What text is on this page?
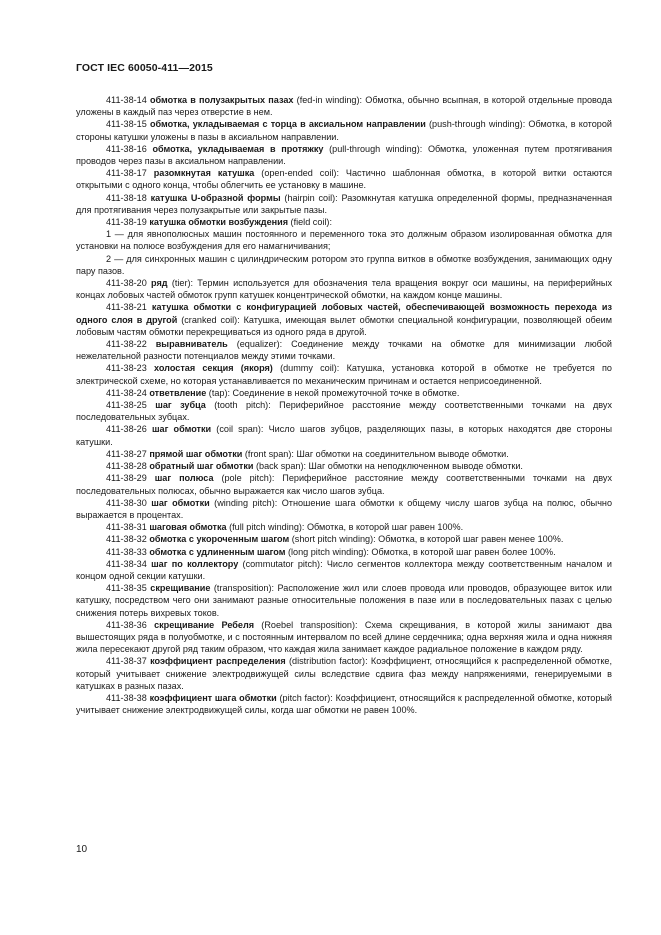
ГОСТ IEC 60050-411—2015

411-38-14 обмотка в полузакрытых пазах (fed-in winding): Обмотка, обычно всыпная, в которой отдельные провода уложены в каждый паз через отверстие в нем.

411-38-15 обмотка, укладываемая с торца в аксиальном направлении (push-through winding): Обмотка, в которой стороны катушки уложены в пазы в аксиальном направлении.

411-38-16 обмотка, укладываемая в протяжку (pull-through winding): Обмотка, уложенная путем протягивания проводов через пазы в аксиальном направлении.

411-38-17 разомкнутая катушка (open-ended coil): Частично шаблонная обмотка, в которой витки остаются открытыми с одного конца, чтобы облегчить ее установку в машине.

411-38-18 катушка U-образной формы (hairpin coil): Разомкнутая катушка определенной формы, предназначенная для протягивания через полузакрытые или закрытые пазы.

411-38-19 катушка обмотки возбуждения (field coil):

1 — для явнополюсных машин постоянного и переменного тока это должным образом изолированная обмотка для установки на полюсе возбуждения для его намагничивания;

2 — для синхронных машин с цилиндрическим ротором это группа витков в обмотке возбуждения, занимающих одну пару пазов.

411-38-20 ряд (tier): Термин используется для обозначения тела вращения вокруг оси машины, на периферийных концах лобовых частей обмоток групп катушек концентрической обмотки, на каждом конце машины.

411-38-21 катушка обмотки с конфигурацией лобовых частей, обеспечивающей возможность перехода из одного слоя в другой (cranked coil): Катушка, имеющая вылет обмотки специальной конфигурации, позволяющей обеим лобовым частям обмотки перекрещиваться из одного ряда в другой.

411-38-22 выравниватель (equalizer): Соединение между точками на обмотке для минимизации любой нежелательной разности потенциалов между этими точками.

411-38-23 холостая секция (якоря) (dummy coil): Катушка, установка которой в обмотке не требуется по электрической схеме, но которая устанавливается по механическим причинам и остается неприсоединенной.

411-38-24 ответвление (tap): Соединение в некой промежуточной точке в обмотке.

411-38-25 шаг зубца (tooth pitch): Периферийное расстояние между соответственными точками на двух последовательных зубцах.

411-38-26 шаг обмотки (coil span): Число шагов зубцов, разделяющих пазы, в которых находятся две стороны катушки.

411-38-27 прямой шаг обмотки (front span): Шаг обмотки на соединительном выводе обмотки.

411-38-28 обратный шаг обмотки (back span): Шаг обмотки на неподключенном выводе обмотки.

411-38-29 шаг полюса (pole pitch): Периферийное расстояние между соответственными точками на двух последовательных полюсах, обычно выражается как число шагов зубца.

411-38-30 шаг обмотки (winding pitch): Отношение шага обмотки к общему числу шагов зубца на полюс, обычно выражается в процентах.

411-38-31 шаговая обмотка (full pitch winding): Обмотка, в которой шаг равен 100%.

411-38-32 обмотка с укороченным шагом (short pitch winding): Обмотка, в которой шаг равен менее 100%.

411-38-33 обмотка с удлиненным шагом (long pitch winding): Обмотка, в которой шаг равен более 100%.

411-38-34 шаг по коллектору (commutator pitch): Число сегментов коллектора между соответственным началом и концом одной секции катушки.

411-38-35 скрещивание (transposition): Расположение жил или слоев провода или проводов, образующее виток или катушку, посредством чего они занимают разные относительные положения в пазе или в последовательных пазах с целью снижения потерь вихревых токов.

411-38-36 скрещивание Ребеля (Roebel transposition): Схема скрещивания, в которой жилы занимают два вышестоящих ряда в полуобмотке, и с постоянным интервалом по всей длине сердечника; одна верхняя жила и одна нижняя жила пересекают другой ряд таким образом, что каждая жила занимает каждое радиальное положение в каждом ряду.

411-38-37 коэффициент распределения (distribution factor): Коэффициент, относящийся к распределенной обмотке, который учитывает снижение электродвижущей силы вследствие сдвига фаз между напряжениями, генерируемыми в катушках в разных пазах.

411-38-38 коэффициент шага обмотки (pitch factor): Коэффициент, относящийся к распределенной обмотке, который учитывает снижение электродвижущей силы, когда шаг обмотки не равен 100%.

10
